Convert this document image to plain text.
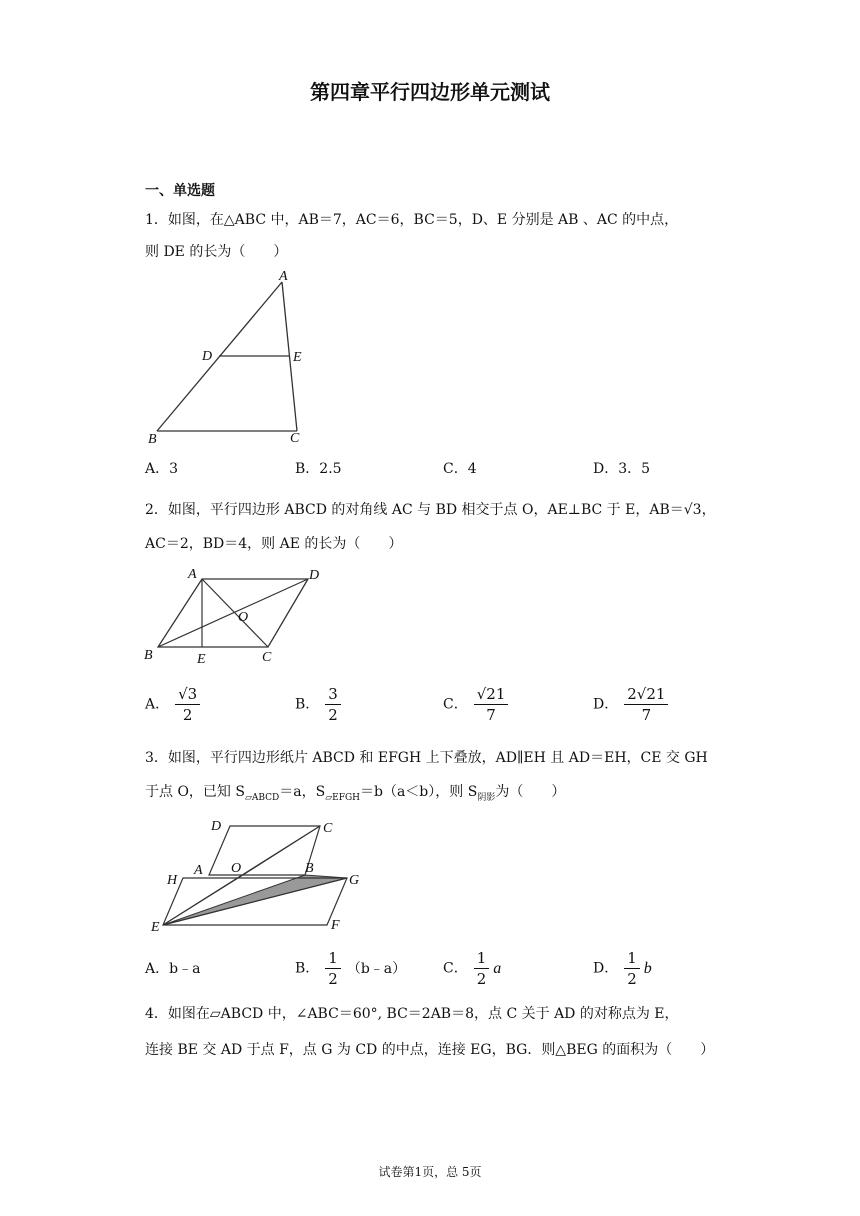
第四章平行四边形单元测试
一、单选题
1．如图，在△ABC 中，AB＝7，AC＝6，BC＝5，D、E 分别是 AB 、AC 的中点，
则 DE 的长为（　　）
A
D	E
B	C
A．3	B．2.5	C．4	D．3．5
2．如图，平行四边形 ABCD 的对角线 AC 与 BD 相交于点 O，AE⊥BC 于 E，AB＝√3，
AC＝2，BD＝4，则 AE 的长为（　　）
A	D
O
B	E	C
A． $\frac{√3}{2}$	B． $\frac{3}{2}$	C． $\frac{√21}{7}$	D． $\frac{2√21}{7}$
3．如图，平行四边形纸片 ABCD 和 EFGH 上下叠放，AD∥EH 且 AD＝EH，CE 交 GH
于点 O，已知 $S_{▱ABCD}=a$，$S_{▱EFGH}=b(a<b)$，则 $S_{阴影}$为（　　）
D	C
A O	B
H	G
E	F
A．b﹣a	B． $\frac{1}{2}$ （b﹣a）	C． $\frac{1}{2}$ a	D． $\frac{1}{2}$ b
4．如图在▱ABCD 中，∠ABC＝60°, BC＝2AB＝8，点 C 关于 AD 的对称点为 E，
连接 BE 交 AD 于点 F，点 G 为 CD 的中点，连接 EG，BG．则△BEG 的面积为（　　）
试卷第1页，总 5页
